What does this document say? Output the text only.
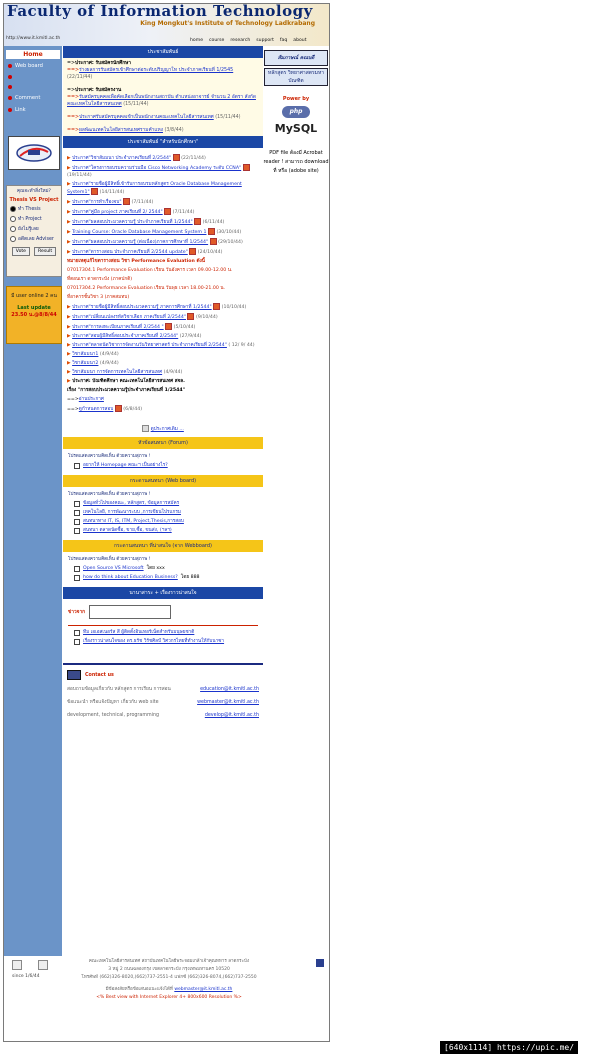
Faculty of Information Technology
King Mongkut's Institute of Technology Ladkrabang
http://www.it.kmitl.ac.th	home course research support faq about
Home
Web board
Comment
Link
คุณจะทำสิ่งใหม่?
Thesis VS Project
ทำ Thesis
ทำ Project
ยังไม่รู้เลย
อดีตเลย Adviser
Vote	Result
มี user online 2 คน
Last update
23.50 น.@8/8/44
ประชาสัมพันธ์
=>ประกาศ: รับสมัครนักศึกษา
==>ร่างผลการรับสมัครเข้าศึกษาต่อระดับปริญญาโท ประจำภาคเรียนที่ 1/2545 (22/11/44)
=>ประกาศ: รับสมัครงาน
==>รับสมัครบุคคลเพื่อคัดเลือกเป็นพนักงานสถาบัน ตำแหน่งอาจารย์ จำนวน 2 อัตรา สังกัดคณะเทคโนโลยีสารสนเทศ (15/11/44)
==>ประกาศรับสมัครบุคคลเข้าเป็นพนักงานคณะเทคโนโลยีสารสนเทศ (15/11/44)
==>ผลพัฒนเทคโนโลยีสารสนเทศรามคำแหง (3/8/44)
ประชาสัมพันธ์ "สำหรับนักศึกษา"
▶ ประกาศ"วิชาสัมมนา ประจำภาคเรียนที่ 2/2544" (22/11/44)
▶ ประกาศ"โครงการอบรมความร่วมมือ Cisco Networking Academy ระดับ CCNA"  (19/11/44)
▶ ประกาศ"รายชื่อผู้มีสิทธิ์เข้ารับการอบรมหลักสูตร Oracle Database Management System1" (14/11/44)
▶ ประกาศ"การทำเรื่องจบ" (7/11/44)
▶ ประกาศ"คู่มือ project ภาคเรียนที่ 2/ 2544" (7/11/44)
▶ ประกาศ"ผลสอบประมวลความรู้ ประจำภาคเรียนที่ 1/2544" (6/11/44)
▶ Training Course: Oracle Database Management System 1 (30/10/44)
▶ ประกาศ"ผลสอบประมวลความรู้ (ต่อเนื่อง)ภาคการศึกษาที่ 1/2544" (29/10/44)
▶ ประกาศ"ตารางสอน ประจำภาคเรียนที่ 2/2544 update" (24/10/44)
หมายเหตุแก้ไขตารางสอน วิชา Performance Evaluation ดังนี้
07017304.1 Performance Evaluation เรียน วันอังคาร เวลา 09.00-12.00 น.
ที่ตอนเรา ดาดกระบัง (ภาคปกติ)
07017304.2 Performance Evaluation เรียน วันพุธ เวลา 18.00-21.00 น.
ที่อาคารชั้นวิชา 3 (ภาคสมทบ)
▶ ประกาศ"รายชื่อผู้มีสิทธิ์สอบประมวลความรู้ ภาคการศึกษาที่ 1/2544" (10/10/44)
▶ ประกาศ"เปลี่ยนแปลงรหัสวิชาเลือก ภาคเรียนที่ 2/2544" (9/10/44)
▶ ประกาศ"การลงทะเบียนภาคเรียนที่ 2/2544 " (5/10/44)
▶ ประกาศ"สอบผู้มีสิทธิ์สอบประจำภาคเรียนที่ 2/2544" (27/9/44)
▶ ประกาศ"ตลาดนัดวิชาการจัดงานวันวิทยาศาสตร์ ประจำภาคเรียนที่ 2/2544" ( 12/ 9/ 44)
▶ วิชาสัมมนา1 (4/9/44)
▶ วิชาสัมมนา2 (4/9/44)
▶ วิชาสัมมนา การจัดการเทคโนโลยีสารสนเทศ (4/9/44)
▶ ประกาศ: บัณฑิตศึกษา คณะเทคโนโลยีสารสนเทศ สจล.
เรื่อง "การสอบประมวลความรู้ประจำภาคเรียนที่ 1/2544"
==>อ่านประกาศ
==>ดูกำหนดการสอบ (6/8/44)
ดูประกาศเดิม ...
หัวข้อสนทนา (Forum)
โปรดแสดงความคิดเห็น ด้วยความสุภาพ !
อยากให้ Homepage คณะฯ เป็นอย่างไร?
กระดานสนทนา (Web board)
โปรดแสดงความคิดเห็น ด้วยความสุภาพ !
ข้อมูลทั่วไปของคณะ, หลักสูตร, ข้อมูลการสมัคร
เทคโนโลยี, การพัฒนาระบบ ,การเขียนโปรแกรม
สนทนาทาง IT, IS, ITM, Project,Thesis,การสอบ
สนทนา ตลาดนัดซื้อ, ขาย,ซื้อ, ขนส่ง, (ฯลฯ)
กระดานสนทนา ที่น่าสนใจ (จาก Webboard)
โปรดแสดงความคิดเห็น ด้วยความสุภาพ !
Open Source VS Microsoft โดย xxx
how do think about Education Business? โดย 888
นานาสาระ + เรื่องราวน่าสนใจ
ข่าวจาก
ทีม เอเอสเนอร์ส สี ผู้ติดตั้งอินเทอร์เน็ตสำหรับมนุษยชาติ
เรื่องราวน่าสนใจของ ดร.ธรัช วิรัชศิลป์ วิศวกรไทยที่ทำงานให้กับนาซา
Contact us
สอบถามข้อมูลเกี่ยวกับ หลักสูตร การเรียน การสอน	education@it.kmitl.ac.th
ข้อแนะนำ หรือแจ้งปัญหา เกี่ยวกับ web site	webmaster@it.kmitl.ac.th
development, technical, programming	develop@it.kmitl.ac.th
สัมภาษณ์ คณบดี
หลักสูตร วิทยาศาสตรมหาบัณฑิต
Power by
php
MySQL
PDF file ต้องมี Acrobat reader ! สามารถ download ที่ หรือ (adobe site)
since 1/6/44
คณะเทคโนโลยีสารสนเทศ สถาบันเทคโนโลยีพระจอมเกล้าเจ้าคุณทหาร ลาดกระบัง
3 หมู่ 2 ถนนฉลองกรุง เขตลาดกระบัง กรุงเทพมหานคร 10520
โทรศัพท์ (662)326-8020,(662)737-2551-4 แฟกซ์ (662)326-8074,(662)737-2550
มีข้อสงสัยหรือข้อเสนอแนะแจ้งได้ที่ webmaster@it.kmitl.ac.th
<% Best view with Internet Explorer 4+ 800x600 Resolution %>
[640x1114] https://upic.me/
